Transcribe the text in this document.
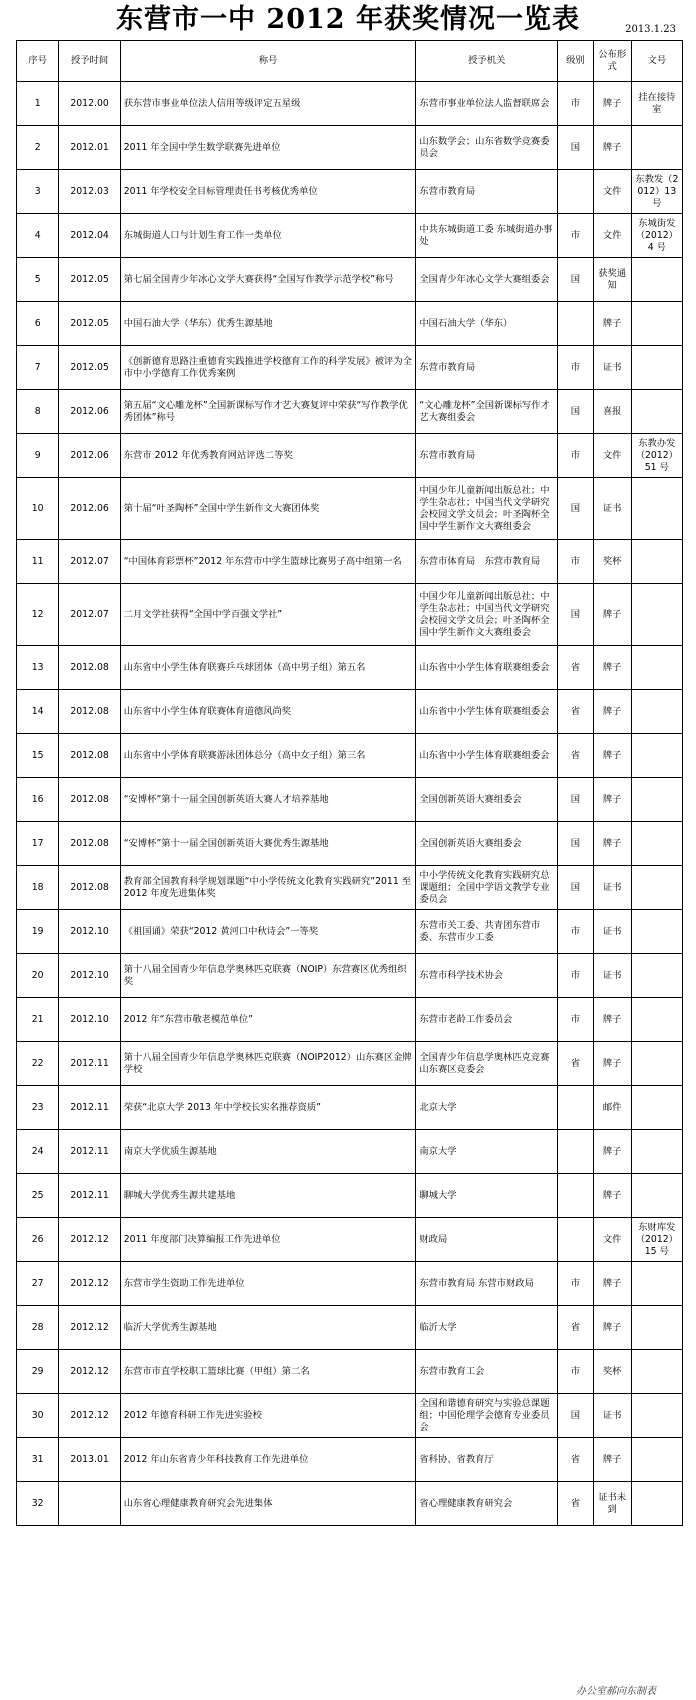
东营市一中 2012 年获奖情况一览表	2013.1.23
序号	授予时间	称号	授予机关	级别	公布形式	文号
1	2012.00	获东营市事业单位法人信用等级评定五星级	东营市事业单位法人监督联席会	市	牌子	挂在接待室
2	2012.01	2011 年全国中学生数学联赛先进单位	山东数学会；山东省数学竞赛委员会	国	牌子	
3	2012.03	2011 年学校安全目标管理责任书考核优秀单位	东营市教育局		文件	东教发（2012）13 号
4	2012.04	东城街道人口与计划生育工作一类单位	中共东城街道工委 东城街道办事处	市	文件	东城街发（2012）4 号
5	2012.05	第七届全国青少年冰心文学大赛获得“全国写作教学示范学校”称号	全国青少年冰心文学大赛组委会	国	获奖通知	
6	2012.05	中国石油大学（华东）优秀生源基地	中国石油大学（华东）		牌子	
7	2012.05	《创新德育思路注重德育实践推进学校德育工作的科学发展》被评为全市中小学德育工作优秀案例	东营市教育局	市	证书	
8	2012.06	第五届“文心雕龙杯”全国新课标写作才艺大赛复评中荣获“写作教学优秀团体”称号	“文心雕龙杯”全国新课标写作才艺大赛组委会	国	喜报	
9	2012.06	东营市 2012 年优秀教育网站评选二等奖	东营市教育局	市	文件	东教办发（2012）51 号
10	2012.06	第十届“叶圣陶杯”全国中学生新作文大赛团体奖	中国少年儿童新闻出版总社；中学生杂志社；中国当代文学研究会校园文学文员会；叶圣陶杯全国中学生新作文大赛组委会	国	证书	
11	2012.07	“中国体育彩票杯”2012 年东营市中学生篮球比赛男子高中组第一名	东营市体育局　东营市教育局	市	奖杯	
12	2012.07	二月文学社获得“全国中学百强文学社”	中国少年儿童新闻出版总社；中学生杂志社；中国当代文学研究会校园文学文员会；叶圣陶杯全国中学生新作文大赛组委会	国	牌子	
13	2012.08	山东省中小学生体育联赛乒乓球团体（高中男子组）第五名	山东省中小学生体育联赛组委会	省	牌子	
14	2012.08	山东省中小学生体育联赛体育道德风尚奖	山东省中小学生体育联赛组委会	省	牌子	
15	2012.08	山东省中小学体育联赛游泳团体总分（高中女子组）第三名	山东省中小学生体育联赛组委会	省	牌子	
16	2012.08	“安博杯”第十一届全国创新英语大赛人才培养基地	全国创新英语大赛组委会	国	牌子	
17	2012.08	“安博杯”第十一届全国创新英语大赛优秀生源基地	全国创新英语大赛组委会	国	牌子	
18	2012.08	教育部全国教育科学规划课题“中小学传统文化教育实践研究”2011 至 2012 年度先进集体奖	中小学传统文化教育实践研究总课题组；全国中学语文教学专业委员会	国	证书	
19	2012.10	《祖国诵》荣获“2012 黄河口中秋诗会”一等奖	东营市关工委、共青团东营市委、东营市少工委	市	证书	
20	2012.10	第十八届全国青少年信息学奥林匹克联赛（NOIP）东营赛区优秀组织奖	东营市科学技术协会	市	证书	
21	2012.10	2012 年“东营市敬老模范单位”	东营市老龄工作委员会	市	牌子	
22	2012.11	第十八届全国青少年信息学奥林匹克联赛（NOIP2012）山东赛区金牌学校	全国青少年信息学奥林匹克竞赛山东赛区竞委会	省	牌子	
23	2012.11	荣获“北京大学 2013 年中学校长实名推荐资质”	北京大学		邮件	
24	2012.11	南京大学优质生源基地	南京大学		牌子	
25	2012.11	聊城大学优秀生源共建基地	聊城大学		牌子	
26	2012.12	2011 年度部门决算编报工作先进单位	财政局		文件	东财库发（2012）15 号
27	2012.12	东营市学生资助工作先进单位	东营市教育局 东营市财政局	市	牌子	
28	2012.12	临沂大学优秀生源基地	临沂大学	省	牌子	
29	2012.12	东营市市直学校职工篮球比赛（甲组）第二名	东营市教育工会	市	奖杯	
30	2012.12	2012 年德育科研工作先进实验校	全国和谐德育研究与实验总课题组；中国伦理学会德育专业委员会	国	证书	
31	2013.01	2012 年山东省青少年科技教育工作先进单位	省科协、省教育厅	省	牌子	
32		山东省心理健康教育研究会先进集体	省心理健康教育研究会	省	证书未到	
办公室郝向东制表
